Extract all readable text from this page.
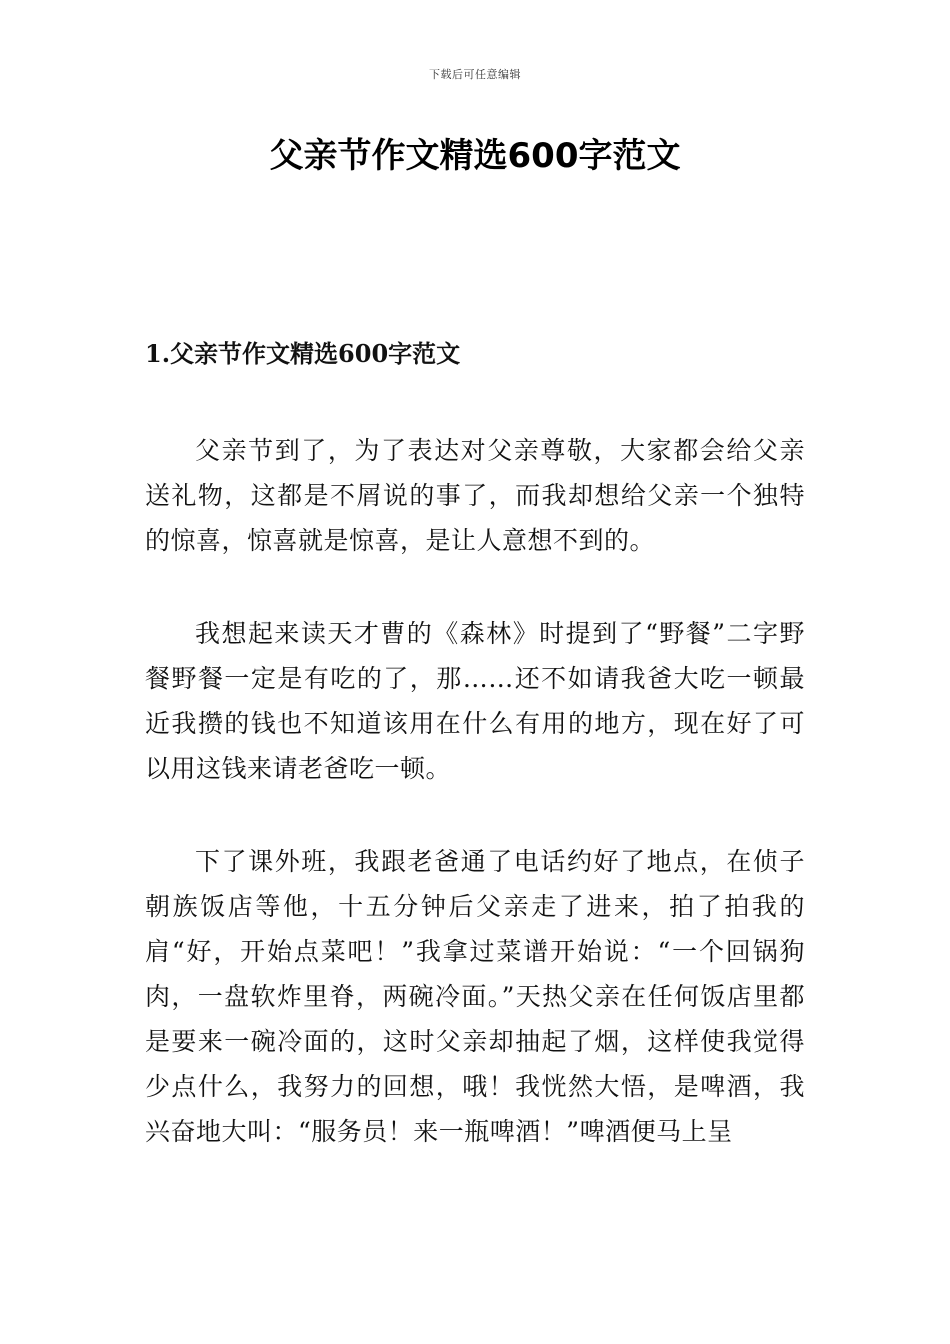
下载后可任意编辑
父亲节作文精选600字范文
1.父亲节作文精选600字范文

父亲节到了，为了表达对父亲尊敬，大家都会给父亲送礼物，这都是不屑说的事了，而我却想给父亲一个独特的惊喜，惊喜就是惊喜，是让人意想不到的。

我想起来读天才曹的《森林》时提到了“野餐”二字野餐野餐一定是有吃的了，那……还不如请我爸大吃一顿最近我攒的钱也不知道该用在什么有用的地方，现在好了可以用这钱来请老爸吃一顿。

下了课外班，我跟老爸通了电话约好了地点，在侦子朝族饭店等他，十五分钟后父亲走了进来，拍了拍我的肩“好，开始点菜吧！”我拿过菜谱开始说：“一个回锅狗肉，一盘软炸里脊，两碗冷面。”天热父亲在任何饭店里都是要来一碗冷面的，这时父亲却抽起了烟，这样使我觉得少点什么，我努力的回想，哦！我恍然大悟，是啤酒，我兴奋地大叫：“服务员！来一瓶啤酒！”啤酒便马上呈
